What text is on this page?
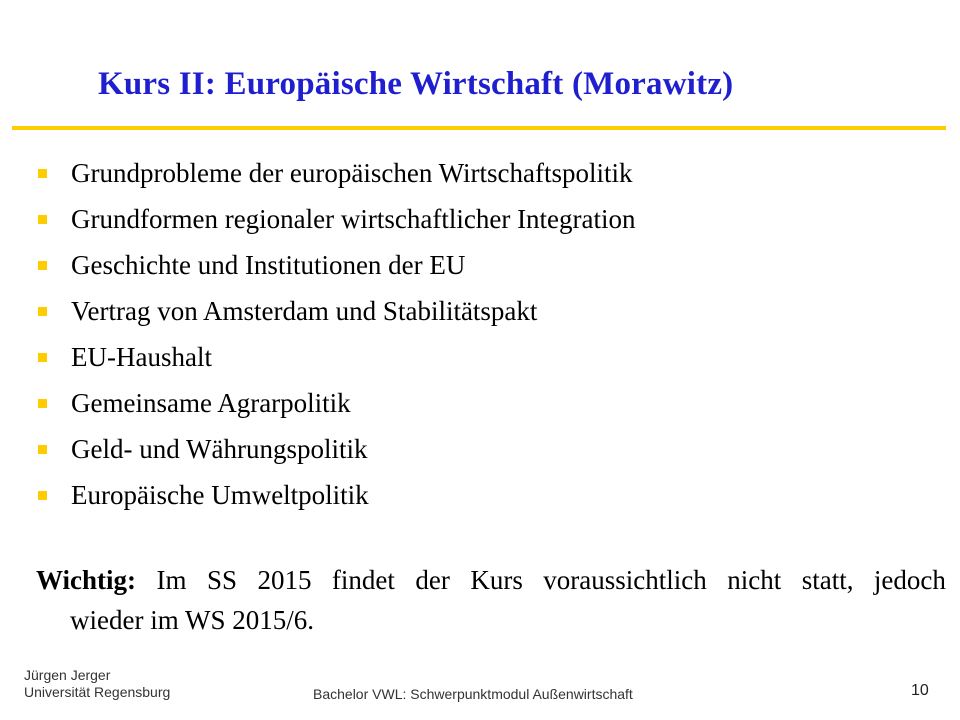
Kurs II: Europäische Wirtschaft (Morawitz)
Grundprobleme der europäischen Wirtschaftspolitik
Grundformen regionaler wirtschaftlicher Integration
Geschichte und Institutionen der EU
Vertrag von Amsterdam und Stabilitätspakt
EU-Haushalt
Gemeinsame Agrarpolitik
Geld- und Währungspolitik
Europäische Umweltpolitik
Wichtig: Im SS 2015 findet der Kurs voraussichtlich nicht statt, jedoch
wieder im WS 2015/6.
Jürgen Jerger
Universität Regensburg	Bachelor VWL: Schwerpunktmodul Außenwirtschaft	10
